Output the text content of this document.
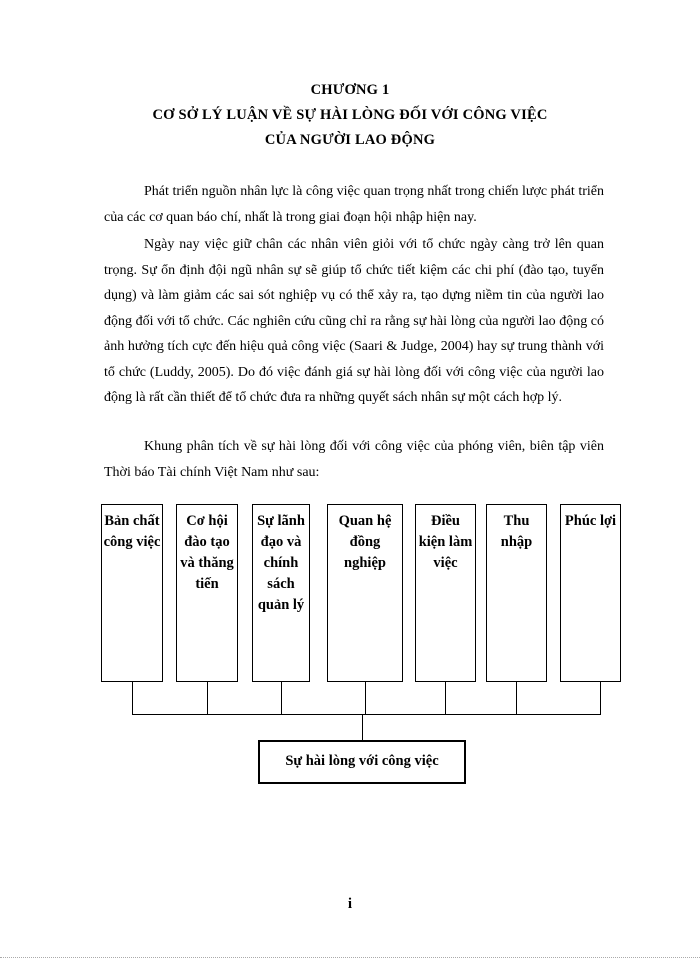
CHƯƠNG 1
CƠ SỞ LÝ LUẬN VỀ SỰ HÀI LÒNG ĐỐI VỚI CÔNG VIỆC
CỦA NGƯỜI LAO ĐỘNG

Phát triển nguồn nhân lực là công việc quan trọng nhất trong chiến lược phát triển của các cơ quan báo chí, nhất là trong giai đoạn hội nhập hiện nay.

Ngày nay việc giữ chân các nhân viên giỏi với tổ chức ngày càng trở lên quan trọng. Sự ổn định đội ngũ nhân sự sẽ giúp tổ chức tiết kiệm các chi phí (đào tạo, tuyển dụng) và làm giảm các sai sót nghiệp vụ có thể xảy ra, tạo dựng niềm tin của người lao động đối với tổ chức. Các nghiên cứu cũng chỉ ra rằng sự hài lòng của người lao động có ảnh hưởng tích cực đến hiệu quả công việc (Saari & Judge, 2004) hay sự trung thành với tổ chức (Luddy, 2005). Do đó việc đánh giá sự hài lòng đối với công việc của người lao động là rất cần thiết để tổ chức đưa ra những quyết sách nhân sự một cách hợp lý.

Khung phân tích về sự hài lòng đối với công việc của phóng viên, biên tập viên Thời báo Tài chính Việt Nam như sau:

Bản chất công việc
Cơ hội đào tạo và thăng tiến
Sự lãnh đạo và chính sách quản lý
Quan hệ đồng nghiệp
Điều kiện làm việc
Thu nhập
Phúc lợi
Sự hài lòng với công việc
i
